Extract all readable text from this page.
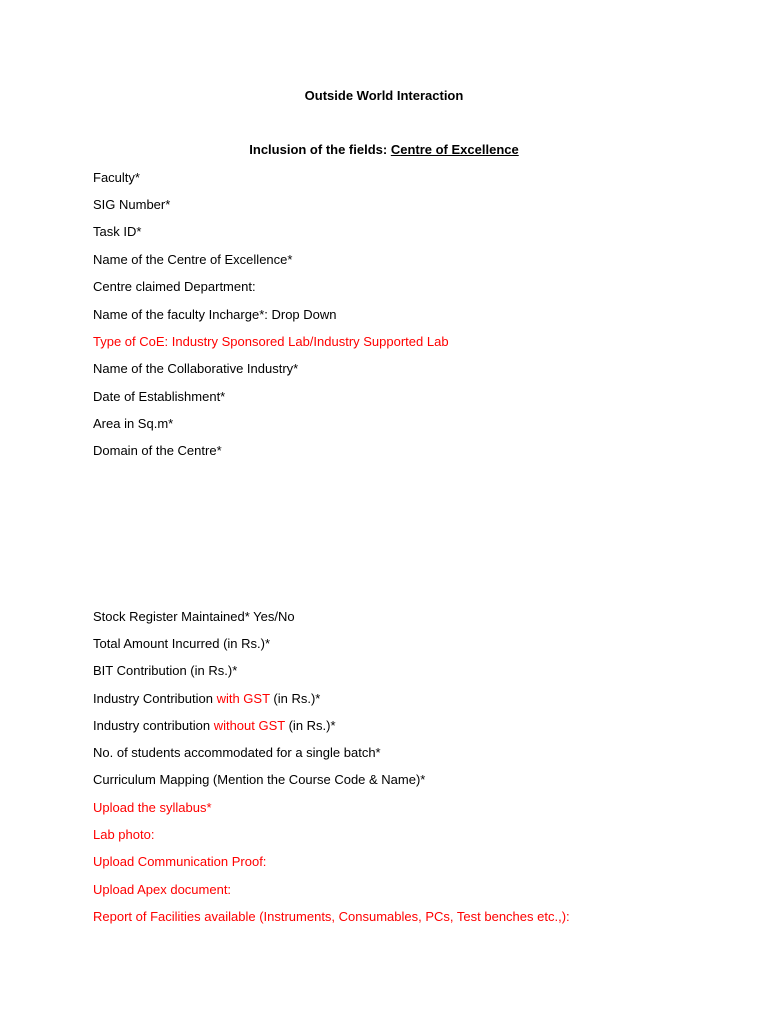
Outside World Interaction
Inclusion of the fields: Centre of Excellence
Faculty*
SIG Number*
Task ID*
Name of the Centre of Excellence*
Centre claimed Department:
Name of the faculty Incharge*: Drop Down
Type of CoE: Industry Sponsored Lab/Industry Supported Lab
Name of the Collaborative Industry*
Date of Establishment*
Area in Sq.m*
Domain of the Centre*
Stock Register Maintained* Yes/No
Total Amount Incurred (in Rs.)*
BIT Contribution (in Rs.)*
Industry Contribution with GST (in Rs.)*
Industry contribution without GST (in Rs.)*
No. of students accommodated for a single batch*
Curriculum Mapping (Mention the Course Code & Name)*
Upload the syllabus*
Lab photo:
Upload Communication Proof:
Upload Apex document:
Report of Facilities available (Instruments, Consumables, PCs, Test benches etc.,):
